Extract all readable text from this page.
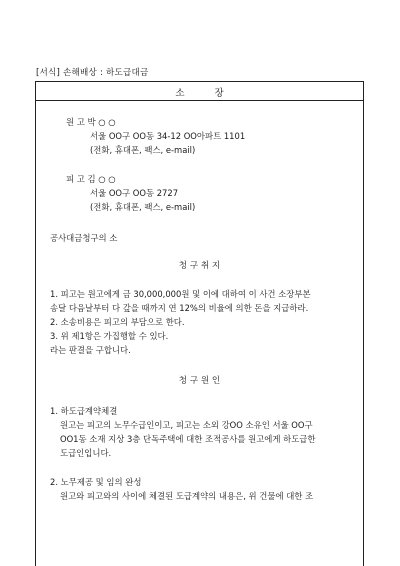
[서식] 손해배상 : 하도급대금
소장
원 고 박 ○ ○
서울 OO구 OO동 34-12 OO아파트 1101
(전화, 휴대폰, 팩스, e-mail)
피 고 김 ○ ○
서울 OO구 OO동 2727
(전화, 휴대폰, 팩스, e-mail)
공사대금청구의 소
청 구 취 지
1. 피고는 원고에게 금 30,000,000원 및 이에 대하여 이 사건 소장부본
송달 다음날부터 다 갚을 때까지 연 12%의 비율에 의한 돈을 지급하라.
2. 소송비용은 피고의 부담으로 한다.
3. 위 제1항은 가집행할 수 있다.
라는 판결을 구합니다.
청 구 원 인
1. 하도급계약체결
원고는 피고의 노무수급인이고, 피고는 소외 강OO 소유인 서울 OO구
OO1동 소재 지상 3층 단독주택에 대한 조적공사를 원고에게 하도급한
도급인입니다.
2. 노무제공 및 임의 완성
원고와 피고와의 사이에 체결된 도급계약의 내용은, 위 건물에 대한 조
